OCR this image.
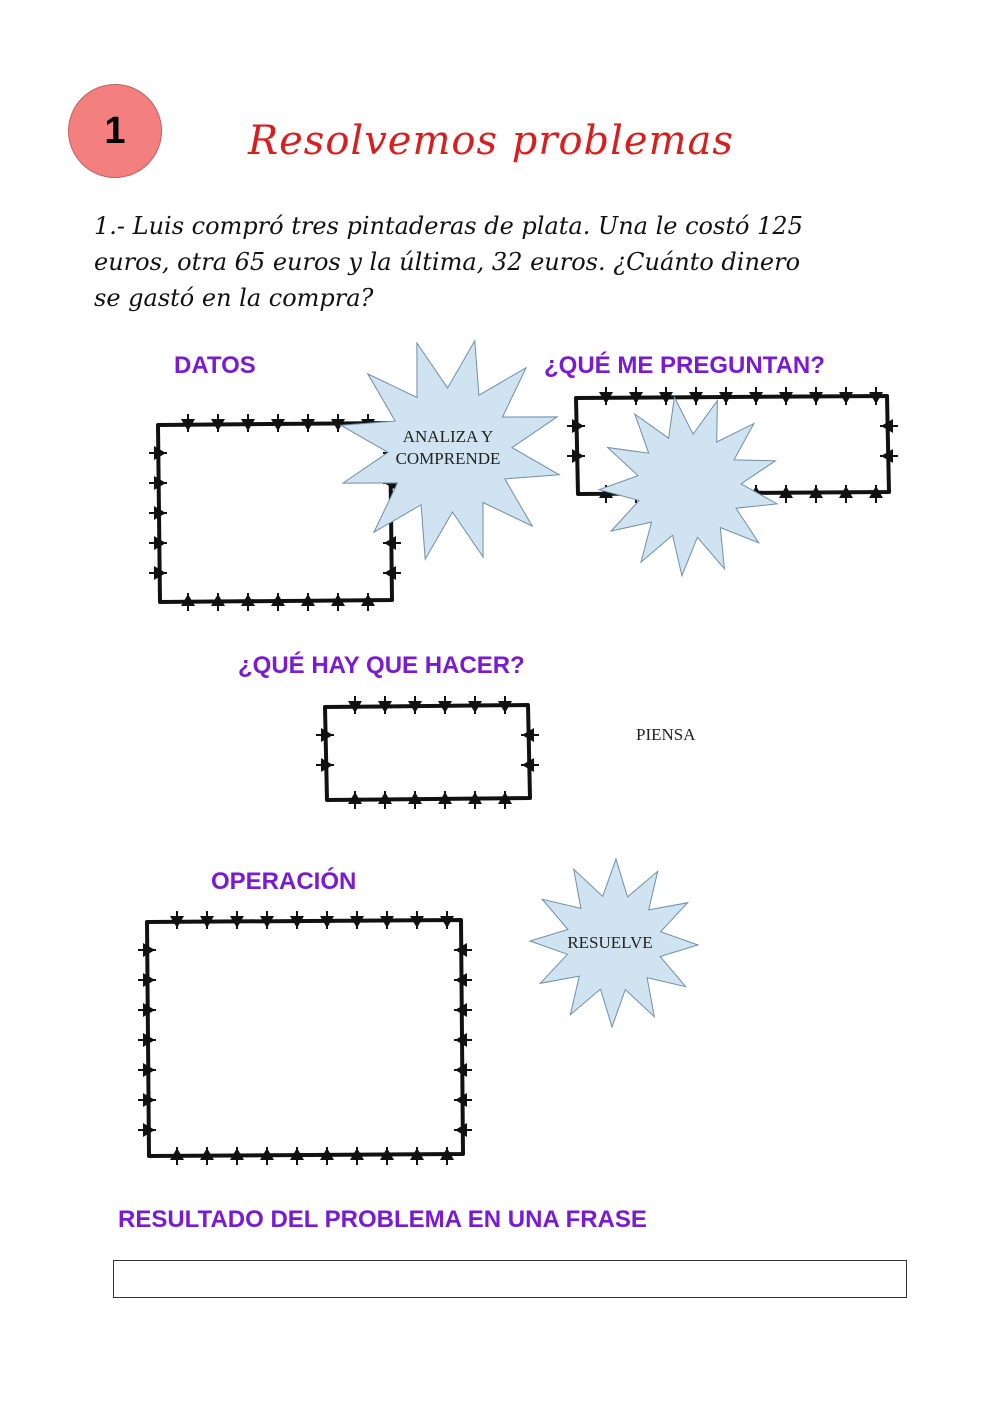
1	Resolvemos problemas
1.- Luis compró tres pintaderas de plata. Una le costó 125
euros, otra 65 euros y la última, 32 euros. ¿Cuánto dinero
se gastó en la compra?
DATOS	¿QUÉ ME PREGUNTAN?
¿QUÉ HAY QUE HACER?
OPERACIÓN
RESULTADO DEL PROBLEMA EN UNA FRASE
ANALIZA Y
COMPRENDE
PIENSA
RESUELVE
